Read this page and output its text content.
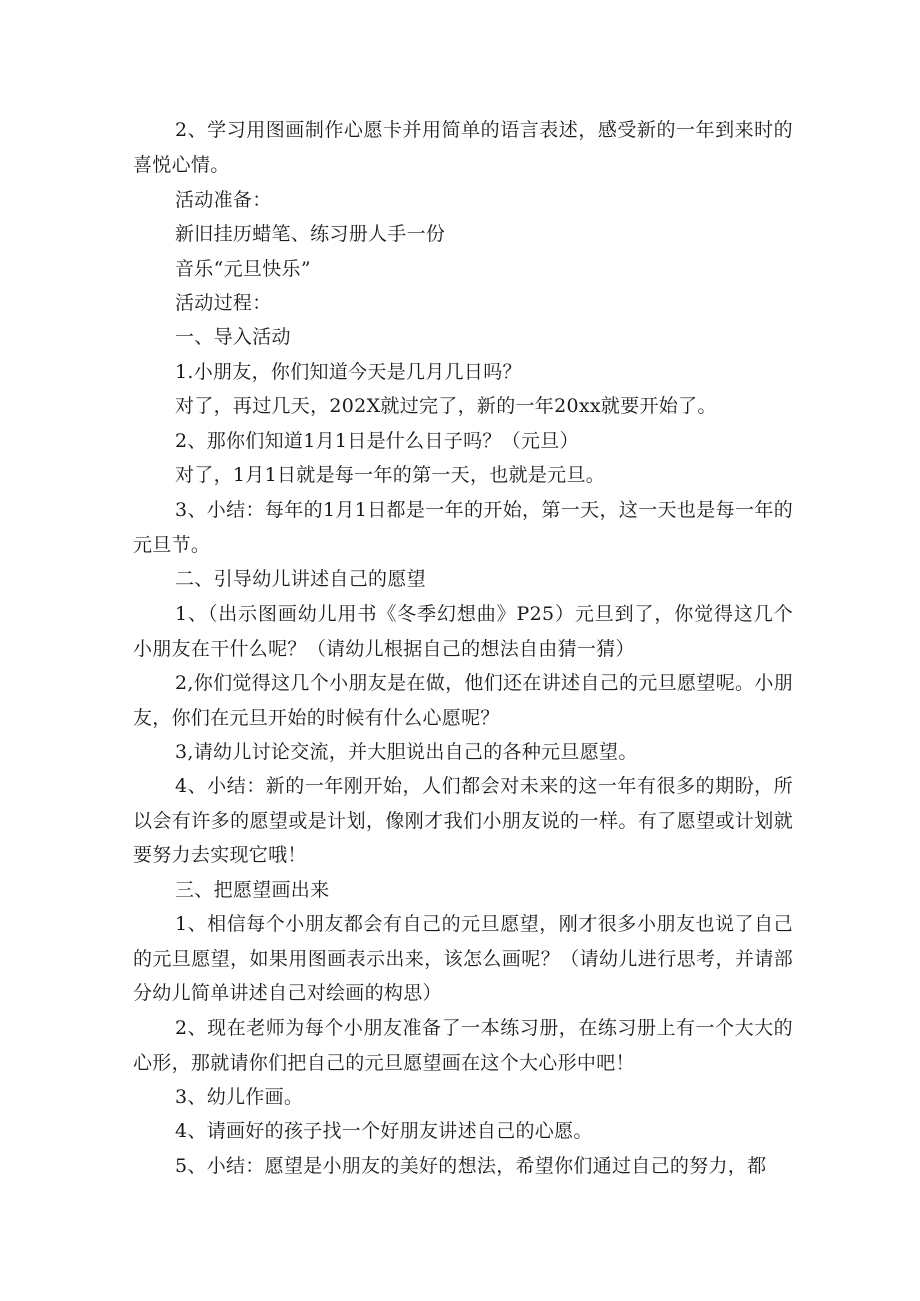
2、学习用图画制作心愿卡并用简单的语言表述，感受新的一年到来时的喜悦心情。

活动准备：

新旧挂历蜡笔、练习册人手一份

音乐“元旦快乐”

活动过程：

一、导入活动

1.小朋友，你们知道今天是几月几日吗？

对了，再过几天，202X就过完了，新的一年20xx就要开始了。

2、那你们知道1月1日是什么日子吗？（元旦）

对了，1月1日就是每一年的第一天，也就是元旦。

3、小结：每年的1月1日都是一年的开始，第一天，这一天也是每一年的元旦节。

二、引导幼儿讲述自己的愿望

1、（出示图画幼儿用书《冬季幻想曲》P25）元旦到了，你觉得这几个小朋友在干什么呢？（请幼儿根据自己的想法自由猜一猜）

2,你们觉得这几个小朋友是在做，他们还在讲述自己的元旦愿望呢。小朋友，你们在元旦开始的时候有什么心愿呢？

3,请幼儿讨论交流，并大胆说出自己的各种元旦愿望。

4、小结：新的一年刚开始，人们都会对未来的这一年有很多的期盼，所以会有许多的愿望或是计划，像刚才我们小朋友说的一样。有了愿望或计划就要努力去实现它哦！

三、把愿望画出来

1、相信每个小朋友都会有自己的元旦愿望，刚才很多小朋友也说了自己的元旦愿望，如果用图画表示出来，该怎么画呢？（请幼儿进行思考，并请部分幼儿简单讲述自己对绘画的构思）

2、现在老师为每个小朋友准备了一本练习册，在练习册上有一个大大的心形，那就请你们把自己的元旦愿望画在这个大心形中吧！

3、幼儿作画。

4、请画好的孩子找一个好朋友讲述自己的心愿。

5、小结：愿望是小朋友的美好的想法，希望你们通过自己的努力，都
